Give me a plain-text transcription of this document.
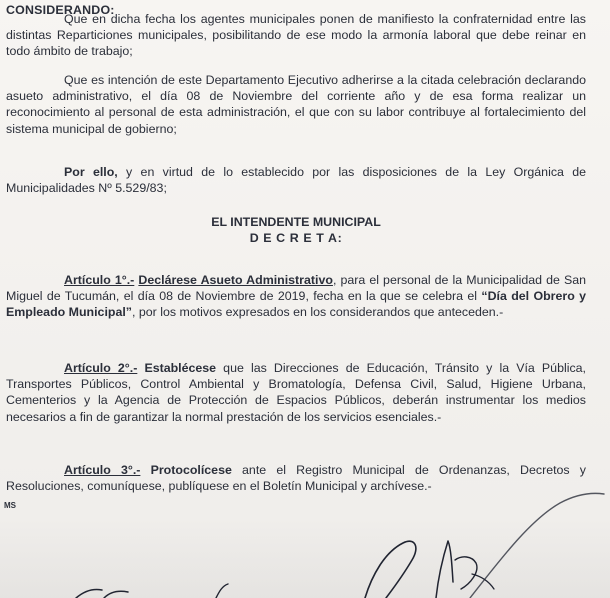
CONSIDERANDO:

Que en dicha fecha los agentes municipales ponen de manifiesto la confraternidad entre las distintas Reparticiones municipales, posibilitando de ese modo la armonía laboral que debe reinar en todo ámbito de trabajo;

Que es intención de este Departamento Ejecutivo adherirse a la citada celebración declarando asueto administrativo, el día 08 de Noviembre del corriente año y de esa forma realizar un reconocimiento al personal de esta administración, el que con su labor contribuye al fortalecimiento del sistema municipal de gobierno;

Por ello, y en virtud de lo establecido por las disposiciones de la Ley Orgánica de Municipalidades Nº 5.529/83;

EL INTENDENTE MUNICIPAL

D E C R E T A:

Artículo 1°.- Declárese Asueto Administrativo, para el personal de la Municipalidad de San Miguel de Tucumán, el día 08 de Noviembre de 2019, fecha en la que se celebra el “Día del Obrero y Empleado Municipal”, por los motivos expresados en los considerandos que anteceden.-

Artículo 2°.- Establécese que las Direcciones de Educación, Tránsito y la Vía Pública, Transportes Públicos, Control Ambiental y Bromatología, Defensa Civil, Salud, Higiene Urbana, Cementerios y la Agencia de Protección de Espacios Públicos, deberán instrumentar los medios necesarios a fin de garantizar la normal prestación de los servicios esenciales.-

Artículo 3°.- Protocolícese ante el Registro Municipal de Ordenanzas, Decretos y Resoluciones, comuníquese, publíquese en el Boletín Municipal y archívese.-

MS
